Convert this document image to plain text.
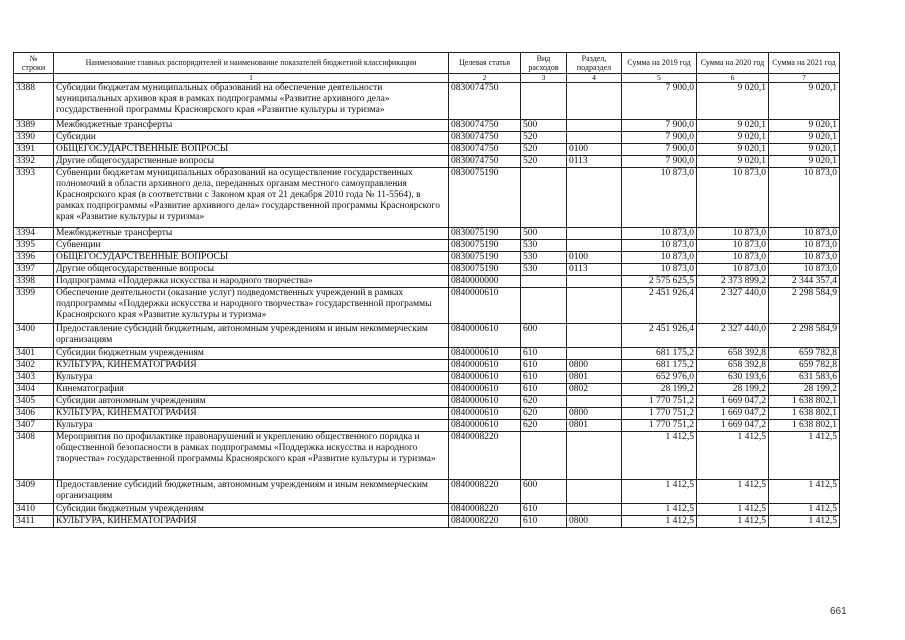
№
строки	Наименование главных распорядителей и наименование показателей бюджетной классификации	Целевая статья	Вид расходов	Раздел, подраздел	Сумма на 2019 год	Сумма на 2020 год	Сумма на 2021 год
	1	2	3	4	5	6	7
3388	Субсидии бюджетам муниципальных образований на обеспечение деятельности муниципальных архивов края в рамках подпрограммы «Развитие архивного дела» государственной программы Красноярского края «Развитие культуры и туризма»	0830074750			7 900,0	9 020,1	9 020,1
3389	Межбюджетные трансферты	0830074750	500		7 900,0	9 020,1	9 020,1
3390	Субсидии	0830074750	520		7 900,0	9 020,1	9 020,1
3391	ОБЩЕГОСУДАРСТВЕННЫЕ ВОПРОСЫ	0830074750	520	0100	7 900,0	9 020,1	9 020,1
3392	Другие общегосударственные вопросы	0830074750	520	0113	7 900,0	9 020,1	9 020,1
3393	Субвенции бюджетам муниципальных образований на осуществление государственных полномочий в области архивного дела, переданных органам местного самоуправления Красноярского края (в соответствии с Законом края от 21 декабря 2010 года № 11-5564), в рамках подпрограммы «Развитие архивного дела» государственной программы Красноярского края «Развитие культуры и туризма»	0830075190			10 873,0	10 873,0	10 873,0
3394	Межбюджетные трансферты	0830075190	500		10 873,0	10 873,0	10 873,0
3395	Субвенции	0830075190	530		10 873,0	10 873,0	10 873,0
3396	ОБЩЕГОСУДАРСТВЕННЫЕ ВОПРОСЫ	0830075190	530	0100	10 873,0	10 873,0	10 873,0
3397	Другие общегосударственные вопросы	0830075190	530	0113	10 873,0	10 873,0	10 873,0
3398	Подпрограмма «Поддержка искусства и народного творчества»	0840000000			2 575 625,5	2 373 899,2	2 344 357,4
3399	Обеспечение деятельности (оказание услуг) подведомственных учреждений в рамках подпрограммы «Поддержка искусства и народного творчества» государственной программы Красноярского края «Развитие культуры и туризма»	0840000610			2 451 926,4	2 327 440,0	2 298 584,9
3400	Предоставление субсидий бюджетным, автономным учреждениям и иным некоммерческим организациям	0840000610	600		2 451 926,4	2 327 440,0	2 298 584,9
3401	Субсидии бюджетным учреждениям	0840000610	610		681 175,2	658 392,8	659 782,8
3402	КУЛЬТУРА, КИНЕМАТОГРАФИЯ	0840000610	610	0800	681 175,2	658 392,8	659 782,8
3403	Культура	0840000610	610	0801	652 976,0	630 193,6	631 583,6
3404	Кинематография	0840000610	610	0802	28 199,2	28 199,2	28 199,2
3405	Субсидии автономным учреждениям	0840000610	620		1 770 751,2	1 669 047,2	1 638 802,1
3406	КУЛЬТУРА, КИНЕМАТОГРАФИЯ	0840000610	620	0800	1 770 751,2	1 669 047,2	1 638 802,1
3407	Культура	0840000610	620	0801	1 770 751,2	1 669 047,2	1 638 802,1
3408	Мероприятия по профилактике правонарушений и укреплению общественного порядка и общественной безопасности в рамках подпрограммы «Поддержка искусства и народного творчества» государственной программы Красноярского края «Развитие культуры и туризма»	0840008220			1 412,5	1 412,5	1 412,5
3409	Предоставление субсидий бюджетным, автономным учреждениям и иным некоммерческим организациям	0840008220	600		1 412,5	1 412,5	1 412,5
3410	Субсидии бюджетным учреждениям	0840008220	610		1 412,5	1 412,5	1 412,5
3411	КУЛЬТУРА, КИНЕМАТОГРАФИЯ	0840008220	610	0800	1 412,5	1 412,5	1 412,5
661
